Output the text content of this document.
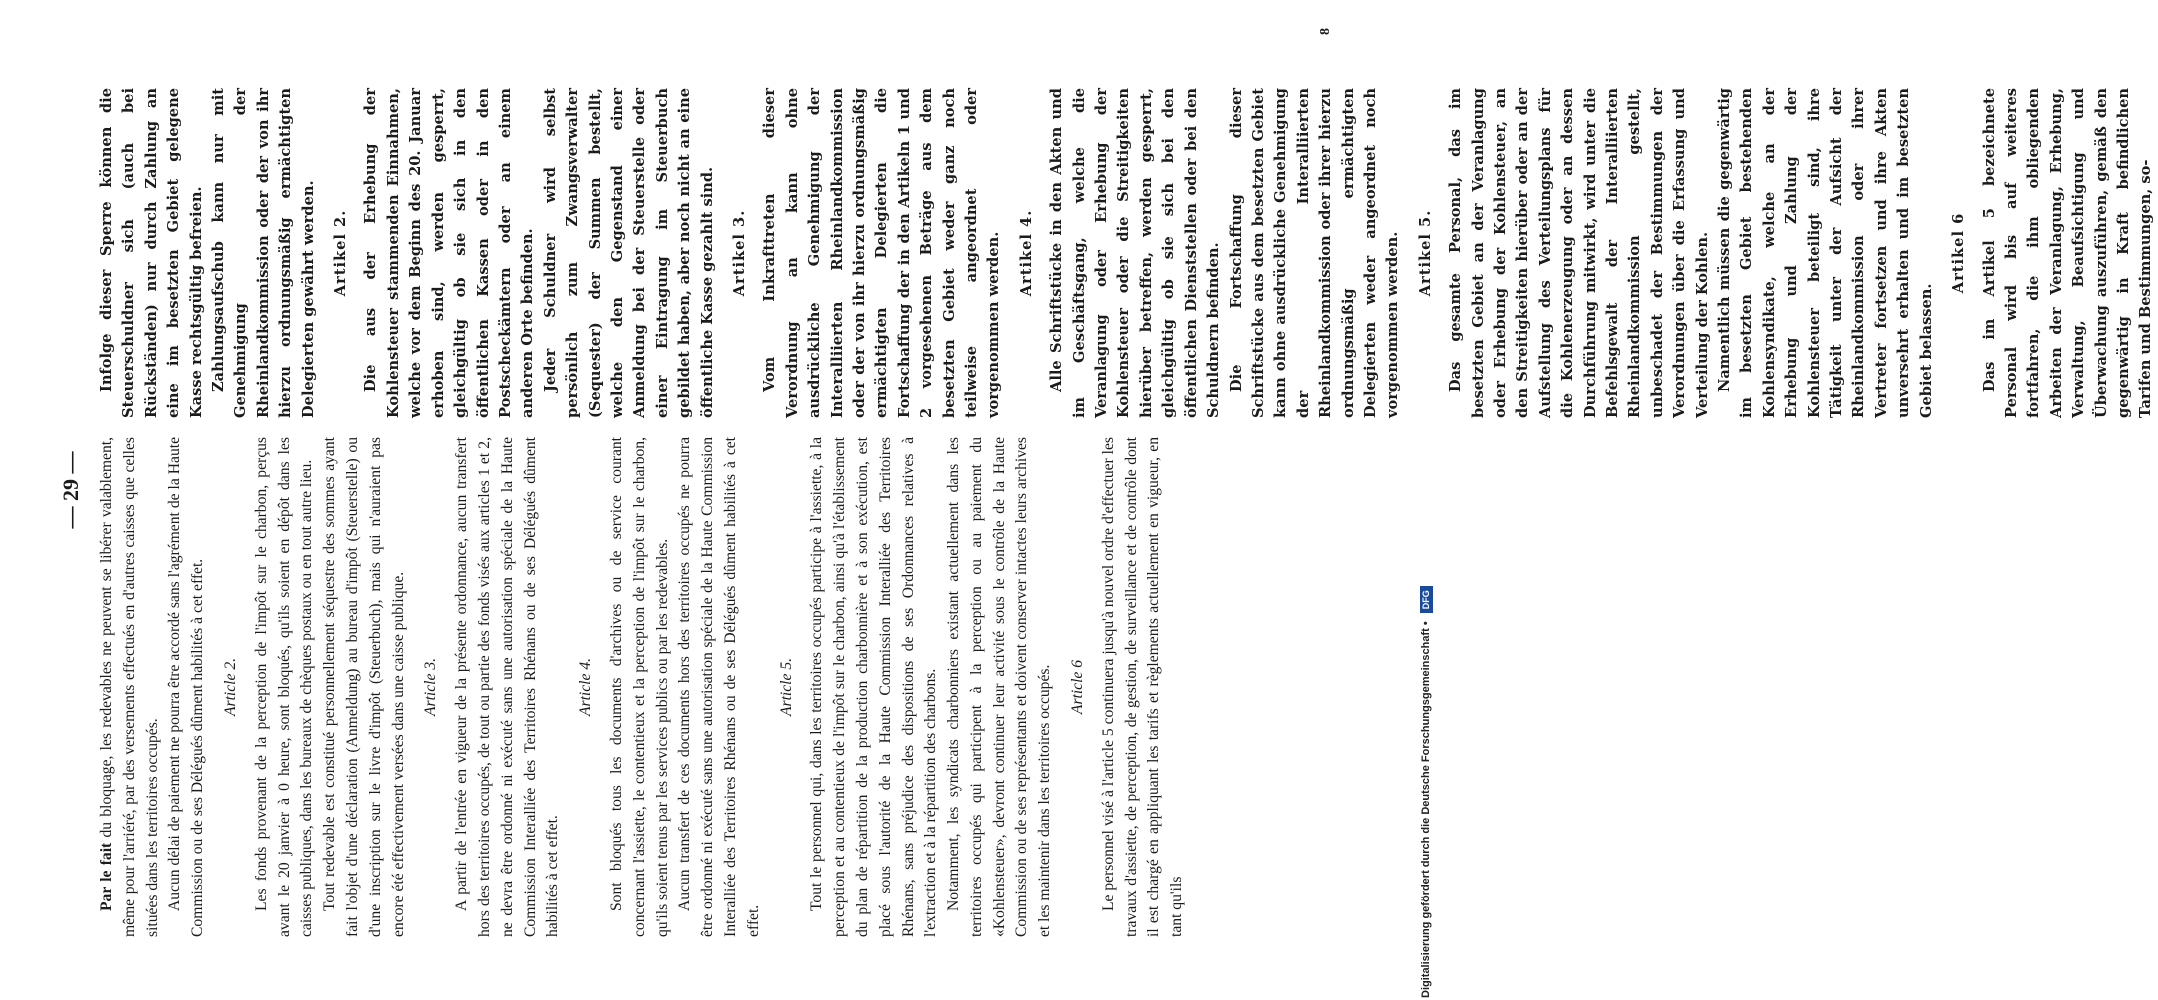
— 29 —

Par le fait du bloquage, les redevables ne peuvent se libérer valablement, même pour l'arriéré, par des versements effectués en d'autres caisses que celles situées dans les territoires occupés. Aucun délai de paiement ne pourra être accordé sans l'agrément de la Haute Commission ou de ses Délégués dûment habilités à cet effet. Article 2. Les fonds provenant de la perception de l'impôt sur le charbon, perçus avant le 20 janvier à 0 heure, sont bloqués, qu'ils soient en dépôt dans les caisses publiques, dans les bureaux de chèques postaux ou en tout autre lieu. Tout redevable est constitué personnellement séquestre des sommes ayant fait l'objet d'une déclaration (Anmeldung) au bureau d'impôt (Steuerstelle) ou d'une inscription sur le livre d'impôt (Steuerbuch), mais qui n'auraient pas encore été effectivement versées dans une caisse publique. Article 3. A partir de l'entrée en vigueur de la présente ordonnance, aucun transfert hors des territoires occupés, de tout ou partie des fonds visés aux articles 1 et 2, ne devra être ordonné ni exécuté sans une autorisation spéciale de la Haute Commission Interalliée des Territoires Rhénans ou de ses Délégués dûment habilités à cet effet.

Article 4. Sont bloqués tous les documents d'archives ou de service courant concernant l'assiette, le contentieux et la perception de l'impôt sur le charbon, qu'ils soient tenus par les services publics ou par les redevables. Aucun transfert de ces documents hors des territoires occupés ne pourra être ordonné ni exécuté sans une autorisation spéciale de la Haute Commission Interalliée des Territoires Rhénans ou de ses Délégués dûment habilités à cet effet.

Article 5. Tout le personnel qui, dans les territoires occupés participe à l'assiette, à la perception et au contentieux de l'impôt sur le charbon, ainsi qu'à l'établissement du plan de répartition de la production charbonnière et à son exécution, est placé sous l'autorité de la Haute Commission Interalliée des Territoires Rhénans, sans préjudice des dispositions de ses Ordonnances relatives à l'extraction et à la répartition des charbons. Notamment, les syndicats charbonniers existant actuellement dans les territoires occupés qui participent à la perception ou au paiement du «Kohlensteuer», devront continuer leur activité sous le contrôle de la Haute Commission ou de ses représentants et doivent conserver intactes leurs archives et les maintenir dans les territoires occupés. Article 6 Le personnel visé à l'article 5 continuera jusqu'à nouvel ordre d'effectuer les travaux d'assiette, de perception, de gestion, de surveillance et de contrôle dont il est chargé en appliquant les tarifs et règlements actuellement en vigueur, en tant qu'ils

Infolge dieser Sperre können die Steuerschuldner sich (auch bei Rückständen) nur durch Zahlung an eine im besetzten Gebiet gelegene Kasse rechtsgültig befreien. Zahlungsaufschub kann nur mit Genehmigung der Rheinlandkommission oder der von ihr hierzu ordnungsmäßig ermächtigten Delegierten gewährt werden. Artikel 2. Die aus der Erhebung der Kohlensteuer stammenden Einnahmen, welche vor dem Beginn des 20. Januar erhoben sind, werden gesperrt, gleichgültig ob sie sich in den öffentlichen Kassen oder in den Postscheckämtern oder an einem anderen Orte befinden. Jeder Schuldner wird selbst persönlich zum Zwangsverwalter (Sequester) der Summen bestellt, welche den Gegenstand einer Anmeldung bei der Steuerstelle oder einer Eintragung im Steuerbuch gebildet haben, aber noch nicht an eine öffentliche Kasse gezahlt sind. Artikel 3. Vom Inkrafttreten dieser Verordnung an kann ohne ausdrückliche Genehmigung der Interalliierten Rheinlandkommission oder der von ihr hierzu ordnungsmäßig ermächtigten Delegierten die Fortschaffung der in den Artikeln 1 und 2 vorgesehenen Beträge aus dem besetzten Gebiet weder ganz noch teilweise angeordnet oder vorgenommen werden. Artikel 4. Alle Schriftstücke in den Akten und im Geschäftsgang, welche die Veranlagung oder Erhebung der Kohlensteuer oder die Streitigkeiten hierüber betreffen, werden gesperrt, gleichgültig ob sie sich bei den öffentlichen Dienststellen oder bei den Schuldnern befinden. Die Fortschaffung dieser Schriftstücke aus dem besetzten Gebiet kann ohne ausdrückliche Genehmigung der Interalliierten Rheinlandkommission oder ihrer hierzu ordnungsmäßig ermächtigten Delegierten weder angeordnet noch vorgenommen werden. Artikel 5. Das gesamte Personal, das im besetzten Gebiet an der Veranlagung oder Erhebung der Kohlensteuer, an den Streitigkeiten hierüber oder an der Aufstellung des Verteilungsplans für die Kohlenerzeugung oder an dessen Durchführung mitwirkt, wird unter die Befehlsgewalt der Interalliierten Rheinlandkommission gestellt, unbeschadet der Bestimmungen der Verordnungen über die Erfassung und Verteilung der Kohlen. Namentlich müssen die gegenwärtig im besetzten Gebiet bestehenden Kohlensyndikate, welche an der Erhebung und Zahlung der Kohlensteuer beteiligt sind, ihre Tätigkeit unter der Aufsicht der Rheinlandkommission oder ihrer Vertreter fortsetzen und ihre Akten unversehrt erhalten und im besetzten Gebiet belassen.

Artikel 6 Das im Artikel 5 bezeichnete Personal wird bis auf weiteres fortfahren, die ihm obliegenden Arbeiten der Veranlagung, Erhebung, Verwaltung, Beaufsichtigung und Überwachung auszuführen, gemäß den gegenwärtig in Kraft befindlichen Tarifen und Bestimmungen, so-

8
Digitalisierung gefördert durch die Deutsche Forschungsgemeinschaft •
DFG
